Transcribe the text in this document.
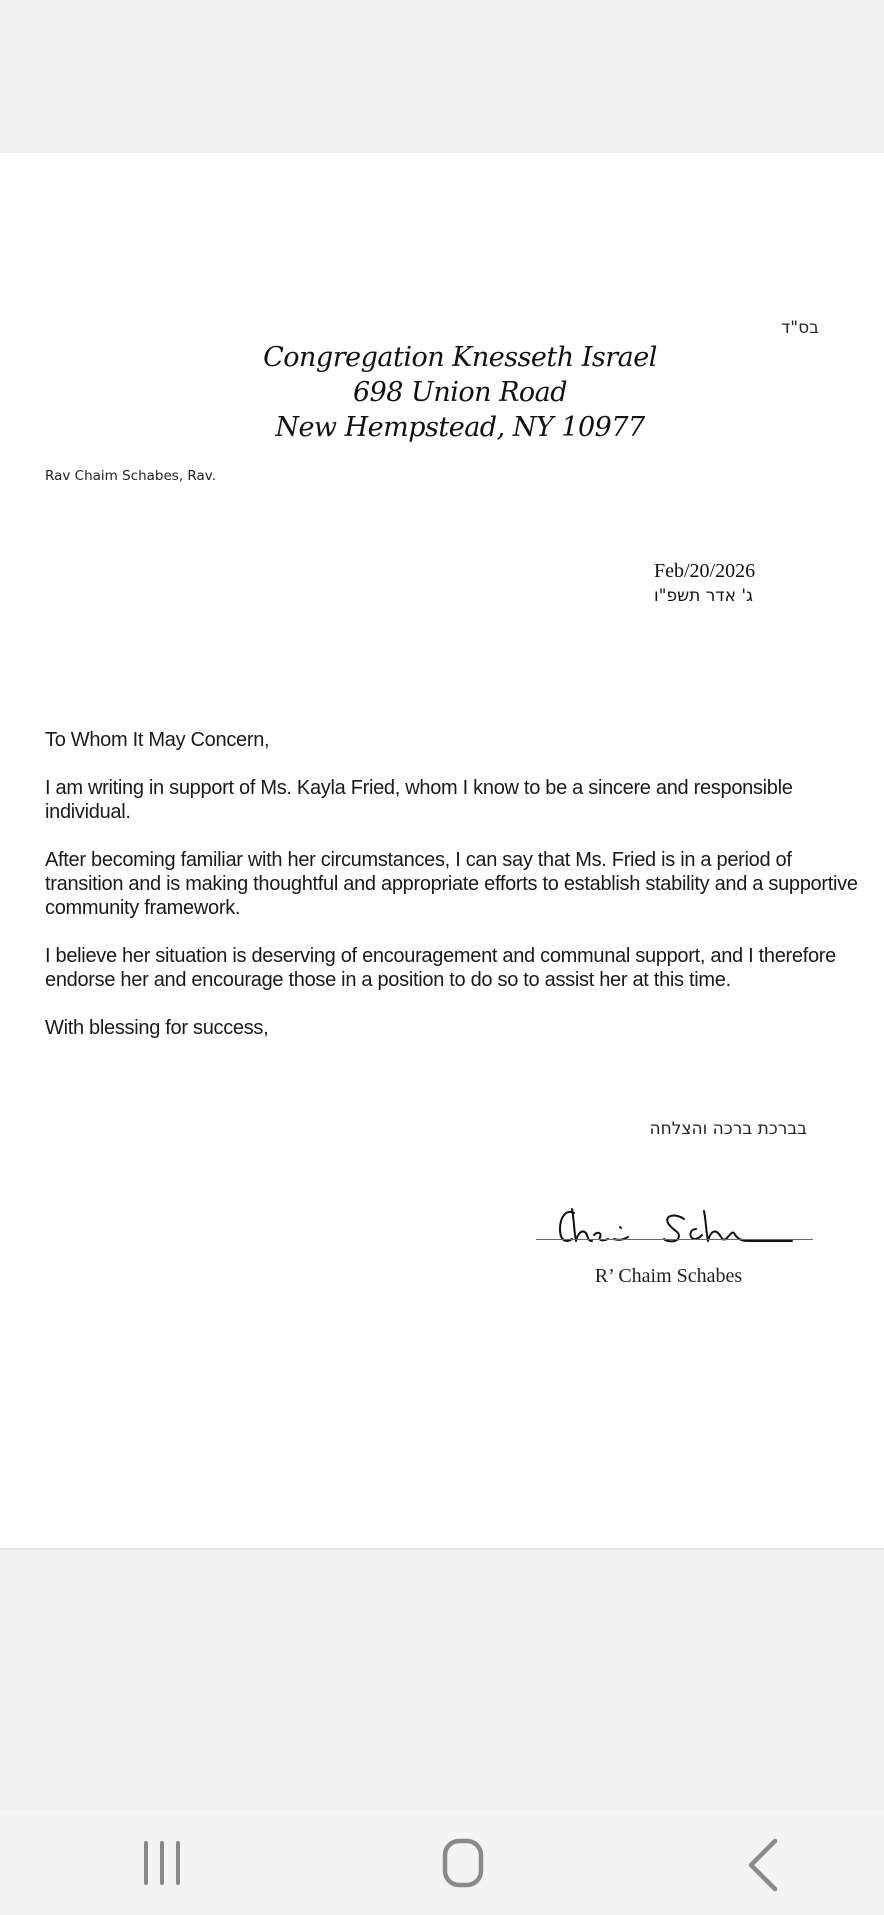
בס"ד
Congregation Knesseth Israel
698 Union Road
New Hempstead, NY 10977
Rav Chaim Schabes, Rav.
Feb/20/2026
ג' אדר תשפ"ו

To Whom It May Concern,

I am writing in support of Ms. Kayla Fried, whom I know to be a sincere and responsible individual.

After becoming familiar with her circumstances, I can say that Ms. Fried is in a period of transition and is making thoughtful and appropriate efforts to establish stability and a supportive community framework.

I believe her situation is deserving of encouragement and communal support, and I therefore endorse her and encourage those in a position to do so to assist her at this time.

With blessing for success,

בברכת ברכה והצלחה
R’ Chaim Schabes
